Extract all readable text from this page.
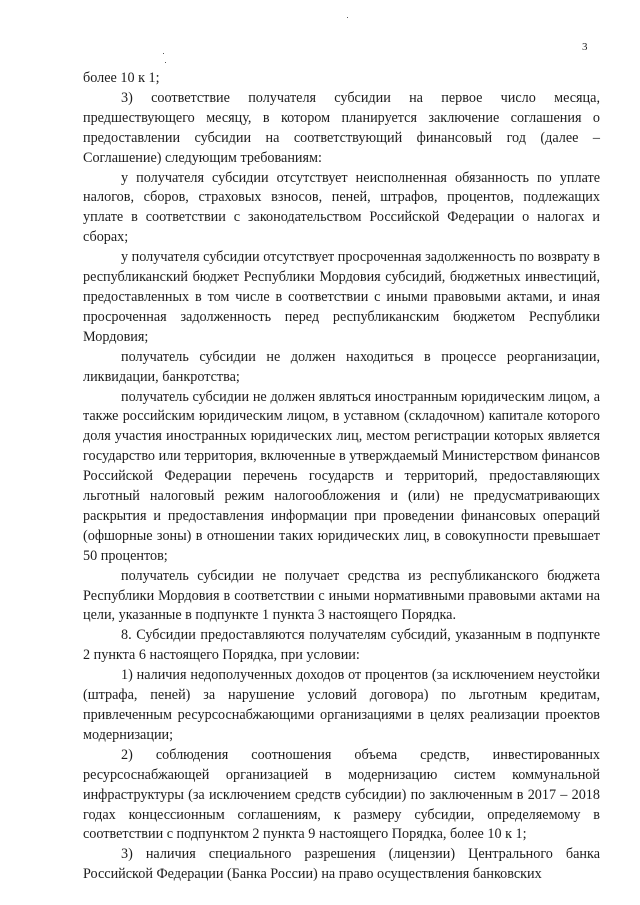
3

более 10 к 1;

3) соответствие получателя субсидии на первое число месяца, предшествующего месяцу, в котором планируется заключение соглашения о предоставлении субсидии на соответствующий финансовый год (далее – Соглашение) следующим требованиям:

у получателя субсидии отсутствует неисполненная обязанность по уплате налогов, сборов, страховых взносов, пеней, штрафов, процентов, подлежащих уплате в соответствии с законодательством Российской Федерации о налогах и сборах;

у получателя субсидии отсутствует просроченная задолженность по возврату в республиканский бюджет Республики Мордовия субсидий, бюджетных инвестиций, предоставленных в том числе в соответствии с иными правовыми актами, и иная просроченная задолженность перед республиканским бюджетом Республики Мордовия;

получатель субсидии не должен находиться в процессе реорганизации, ликвидации, банкротства;

получатель субсидии не должен являться иностранным юридическим лицом, а также российским юридическим лицом, в уставном (складочном) капитале которого доля участия иностранных юридических лиц, местом регистрации которых является государство или территория, включенные в утверждаемый Министерством финансов Российской Федерации перечень государств и территорий, предоставляющих льготный налоговый режим налогообложения и (или) не предусматривающих раскрытия и предоставления информации при проведении финансовых операций (офшорные зоны) в отношении таких юридических лиц, в совокупности превышает 50 процентов;

получатель субсидии не получает средства из республиканского бюджета Республики Мордовия в соответствии с иными нормативными правовыми актами на цели, указанные в подпункте 1 пункта 3 настоящего Порядка.

8. Субсидии предоставляются получателям субсидий, указанным в подпункте 2 пункта 6 настоящего Порядка, при условии:

1) наличия недополученных доходов от процентов (за исключением неустойки (штрафа, пеней) за нарушение условий договора) по льготным кредитам, привлеченным ресурсоснабжающими организациями в целях реализации проектов модернизации;

2) соблюдения соотношения объема средств, инвестированных ресурсоснабжающей организацией в модернизацию систем коммунальной инфраструктуры (за исключением средств субсидии) по заключенным в 2017 – 2018 годах концессионным соглашениям, к размеру субсидии, определяемому в соответствии с подпунктом 2 пункта 9 настоящего Порядка, более 10 к 1;

3) наличия специального разрешения (лицензии) Центрального банка Российской Федерации (Банка России) на право осуществления банковских
